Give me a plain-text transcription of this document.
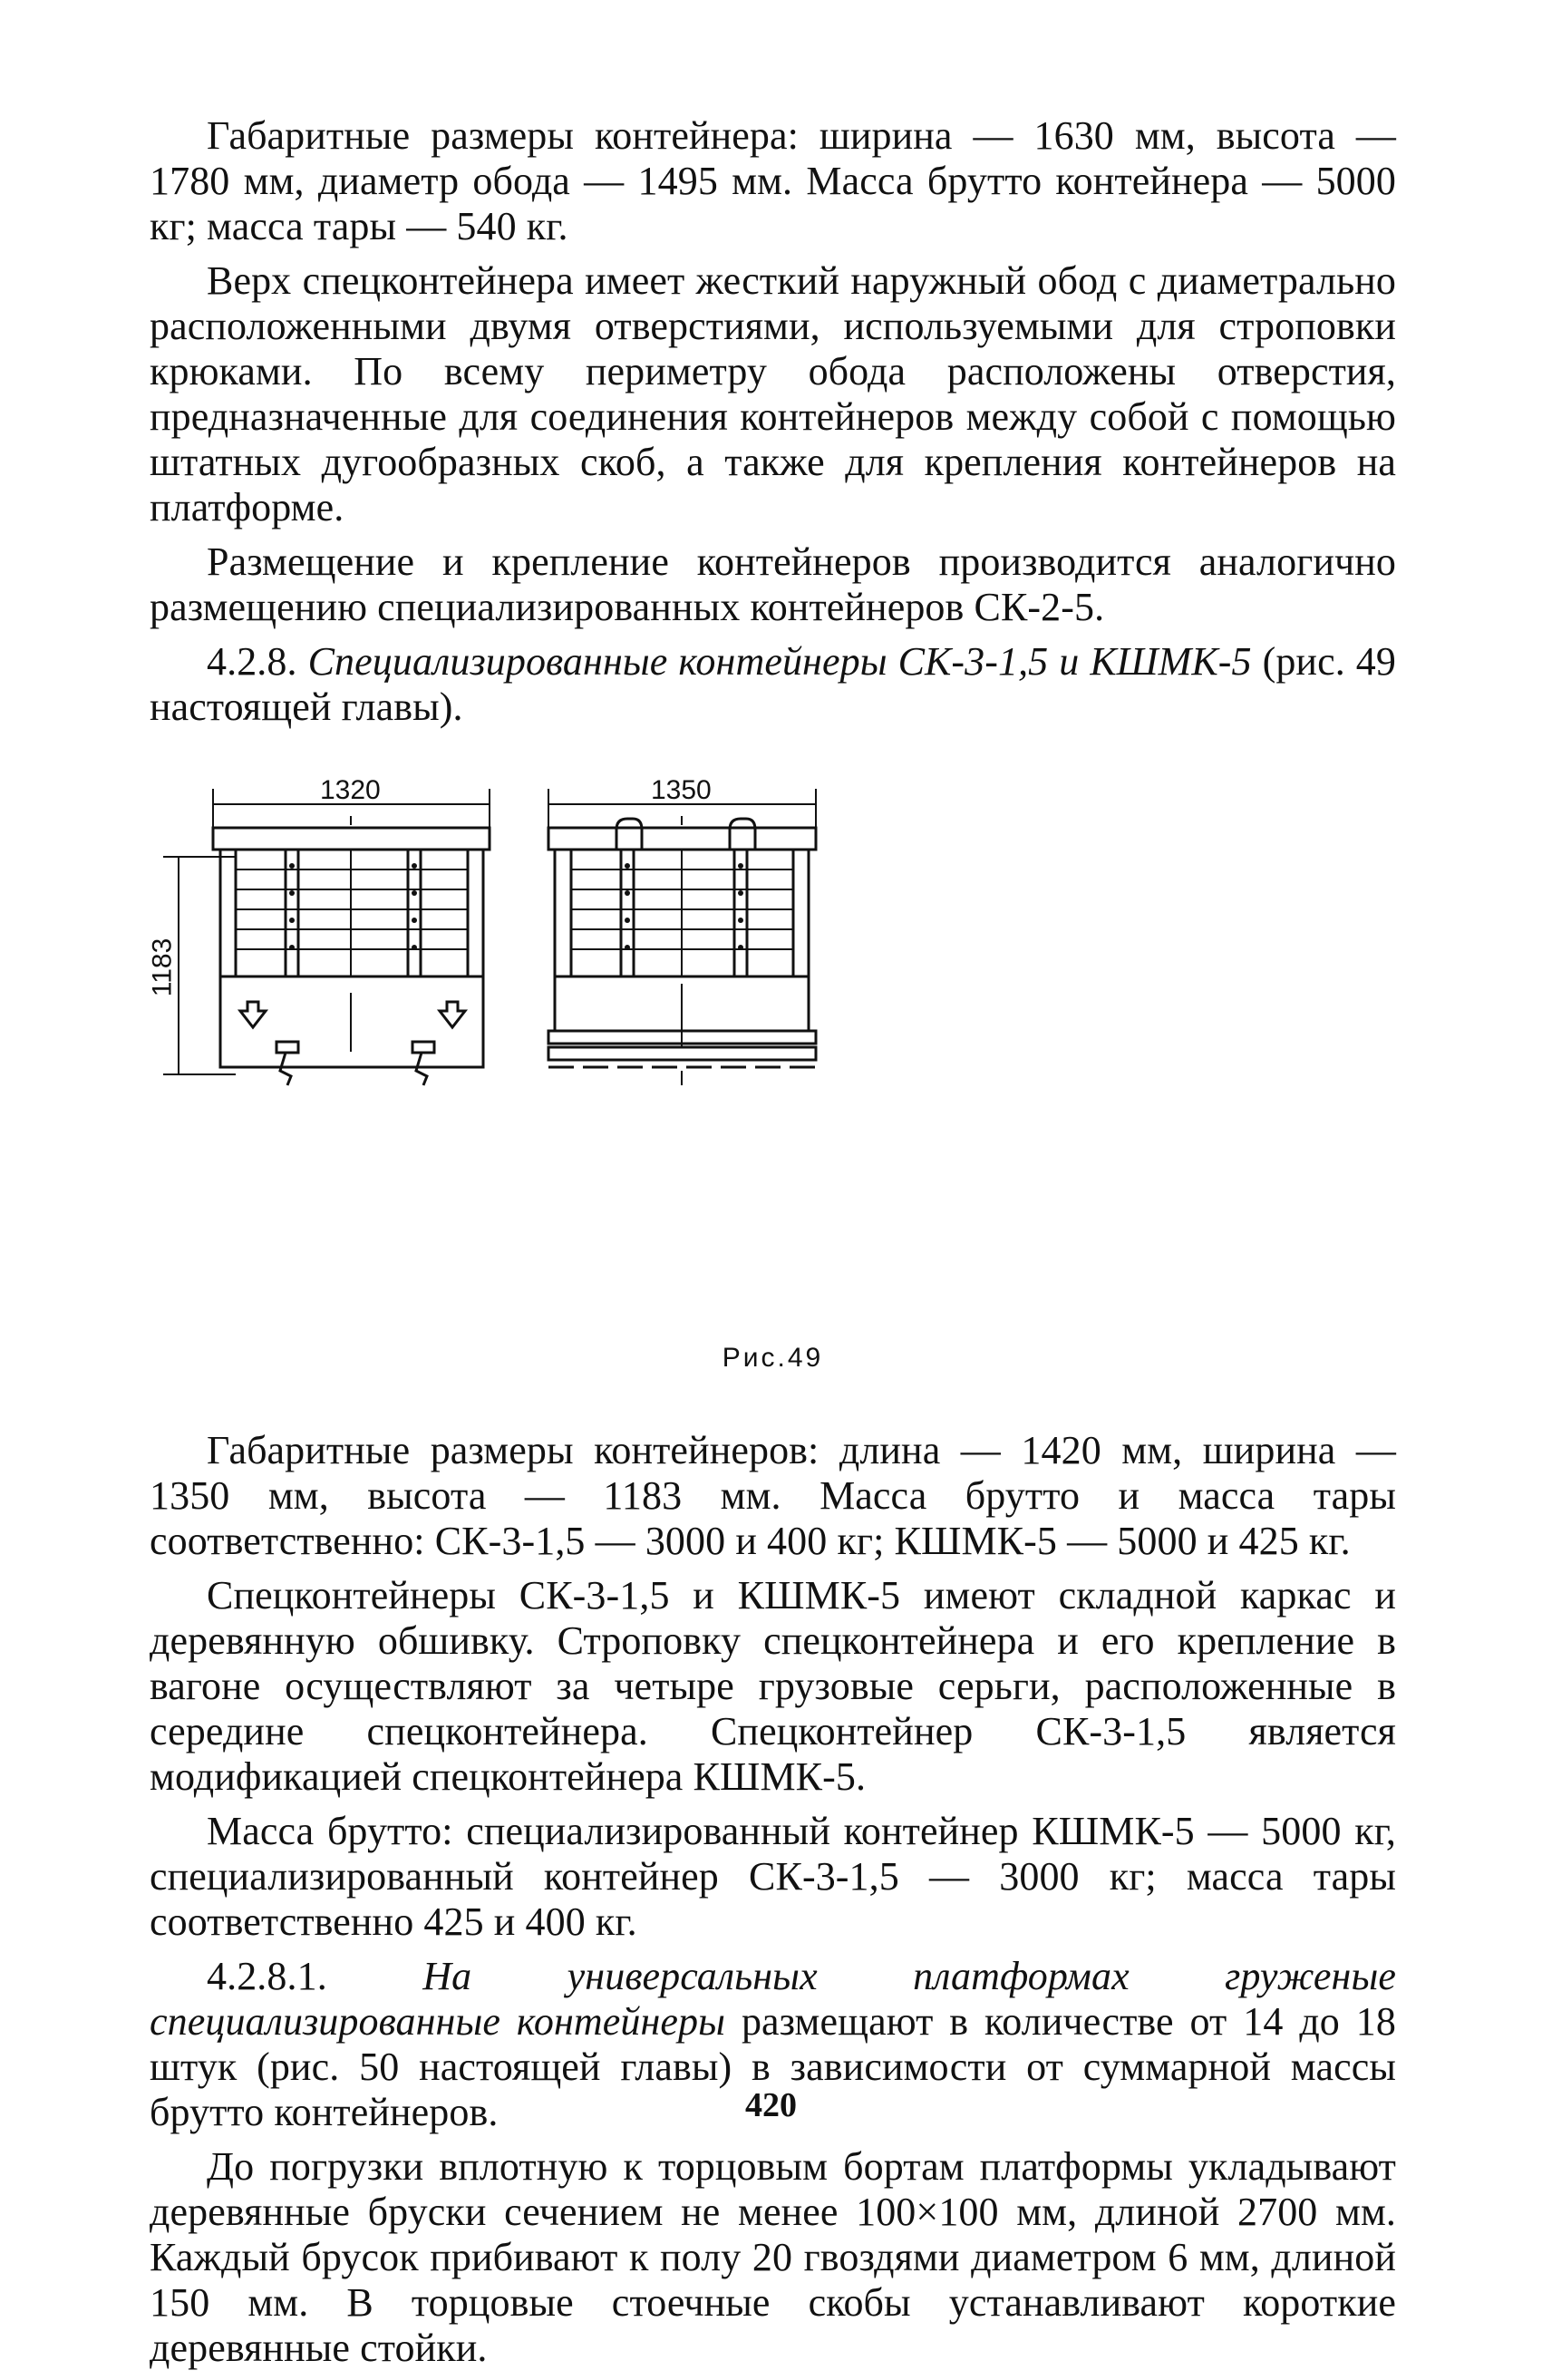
Габаритные размеры контейнера: ширина — 1630 мм, высота — 1780 мм, диаметр обода — 1495 мм. Масса брутто контейнера — 5000 кг; масса тары — 540 кг.

Верх спецконтейнера имеет жесткий наружный обод с диаметрально расположенными двумя отверстиями, используемыми для строповки крюками. По всему периметру обода расположены отверстия, предназначенные для соединения контейнеров между собой с помощью штатных дугообразных скоб, а также для крепления контейнеров на платформе.

Размещение и крепление контейнеров производится аналогично размещению специализированных контейнеров СК-2-5.

4.2.8. Специализированные контейнеры СК-3-1,5 и КШМК-5 (рис. 49 настоящей главы).

1320	1350
1183
Рис.49

Габаритные размеры контейнеров: длина — 1420 мм, ширина — 1350 мм, высота — 1183 мм. Масса брутто и масса тары соответственно: СК-3-1,5 — 3000 и 400 кг; КШМК-5 — 5000 и 425 кг.

Спецконтейнеры СК-3-1,5 и КШМК-5 имеют складной каркас и деревянную обшивку. Строповку спецконтейнера и его крепление в вагоне осуществляют за четыре грузовые серьги, расположенные в середине спецконтейнера. Спецконтейнер СК-3-1,5 является модификацией спецконтейнера КШМК-5.

Масса брутто: специализированный контейнер КШМК-5 — 5000 кг, специализированный контейнер СК-3-1,5 — 3000 кг; масса тары соответственно 425 и 400 кг.

4.2.8.1. На универсальных платформах груженые специализированные контейнеры размещают в количестве от 14 до 18 штук (рис. 50 настоящей главы) в зависимости от суммарной массы брутто контейнеров.

До погрузки вплотную к торцовым бортам платформы укладывают деревянные бруски сечением не менее 100×100 мм, длиной 2700 мм. Каждый брусок прибивают к полу 20 гвоздями диаметром 6 мм, длиной 150 мм. В торцовые стоечные скобы устанавливают короткие деревянные стойки.

420
